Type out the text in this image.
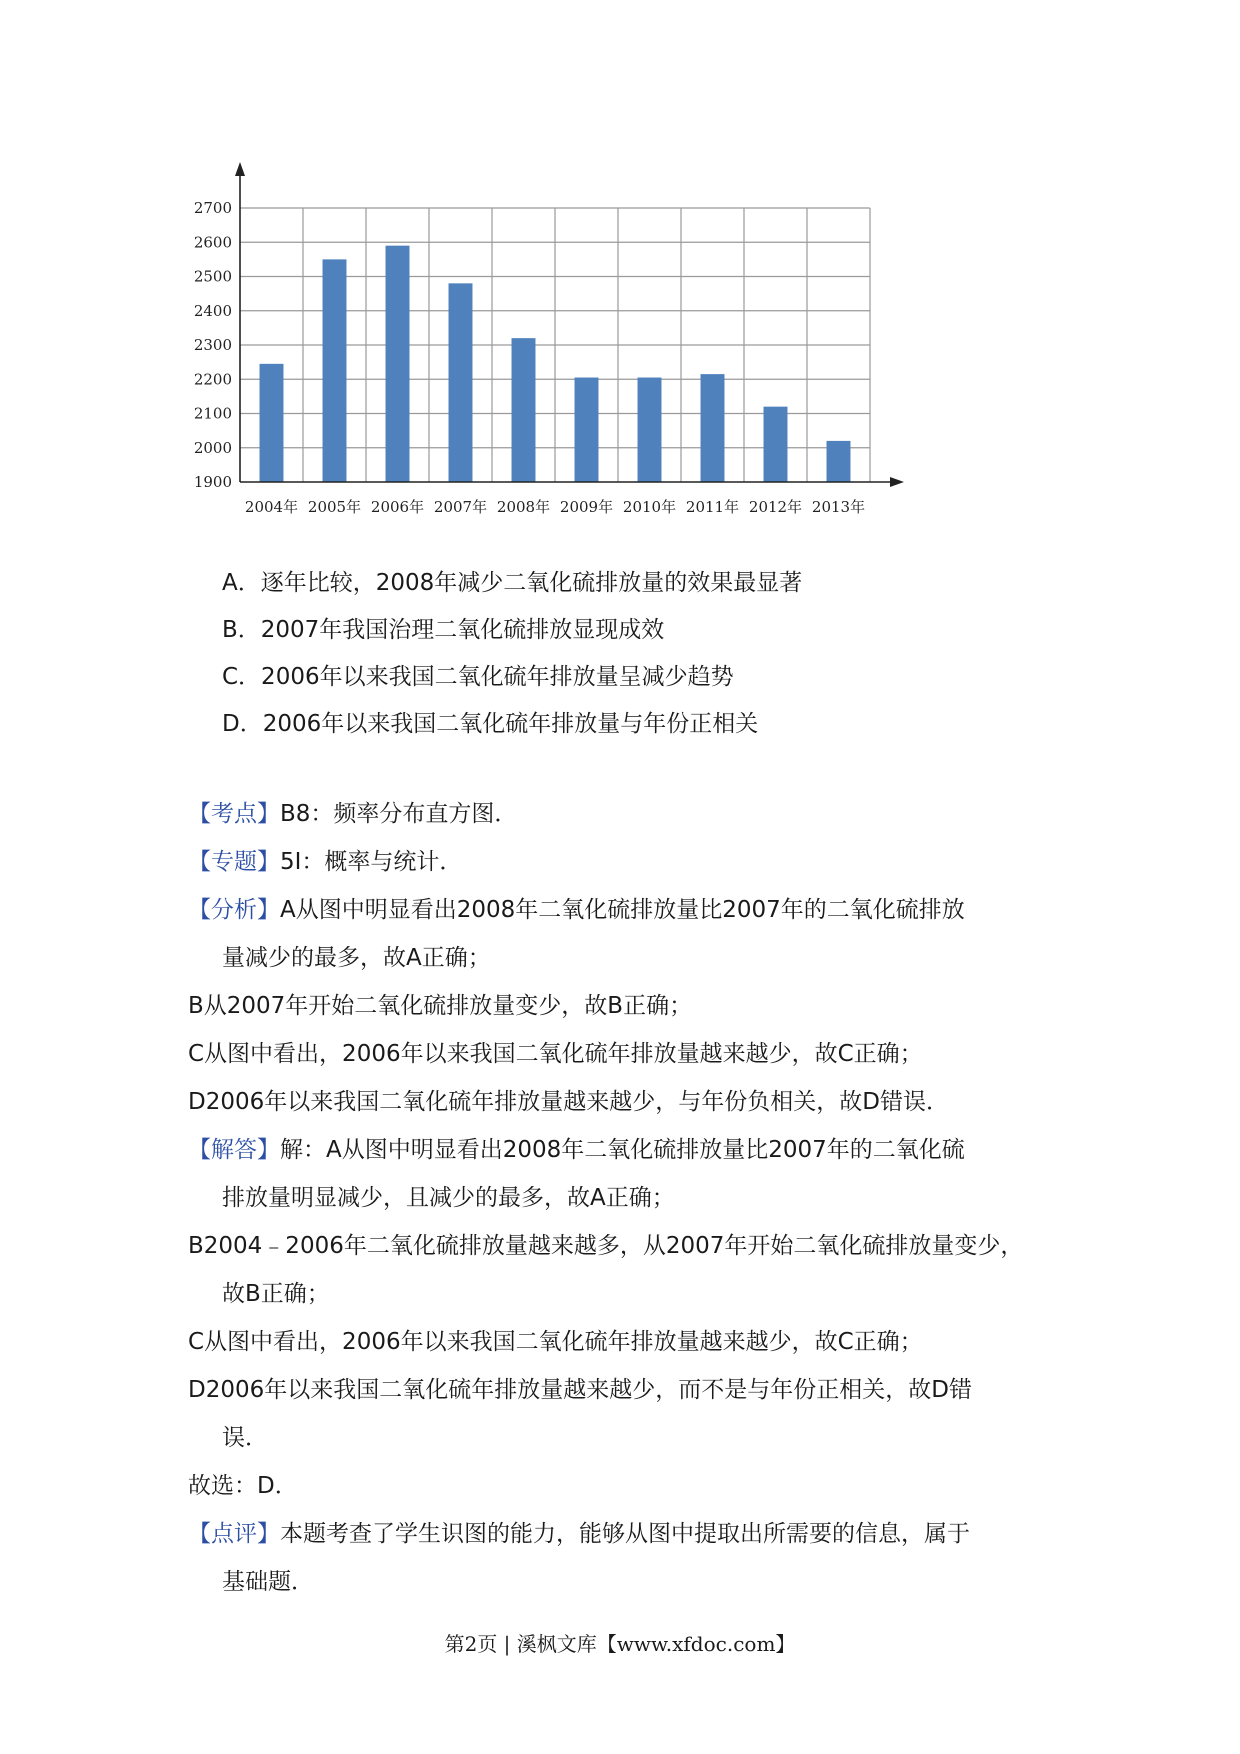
1900
2000
2100
2200
2300
2400
2500
2600
2700
2004年 2005年 2006年 2007年 2008年 2009年 2010年 2011年 2012年 2013年
A．逐年比较，2008年减少二氧化硫排放量的效果最显著
B．2007年我国治理二氧化硫排放显现成效
C．2006年以来我国二氧化硫年排放量呈减少趋势
D．2006年以来我国二氧化硫年排放量与年份正相关

【考点】B8：频率分布直方图．

【专题】5I：概率与统计．

【分析】A从图中明显看出2008年二氧化硫排放量比2007年的二氧化硫排放

量减少的最多，故A正确；

B从2007年开始二氧化硫排放量变少，故B正确；

C从图中看出，2006年以来我国二氧化硫年排放量越来越少，故C正确；

D2006年以来我国二氧化硫年排放量越来越少，与年份负相关，故D错误．

【解答】解：A从图中明显看出2008年二氧化硫排放量比2007年的二氧化硫

排放量明显减少，且减少的最多，故A正确；

B2004﹣2006年二氧化硫排放量越来越多，从2007年开始二氧化硫排放量变少，

故B正确；

C从图中看出，2006年以来我国二氧化硫年排放量越来越少，故C正确；

D2006年以来我国二氧化硫年排放量越来越少，而不是与年份正相关，故D错

误．

故选：D．

【点评】本题考查了学生识图的能力，能够从图中提取出所需要的信息，属于

基础题．

第2页 | 溪枫文库【www.xfdoc.com】
